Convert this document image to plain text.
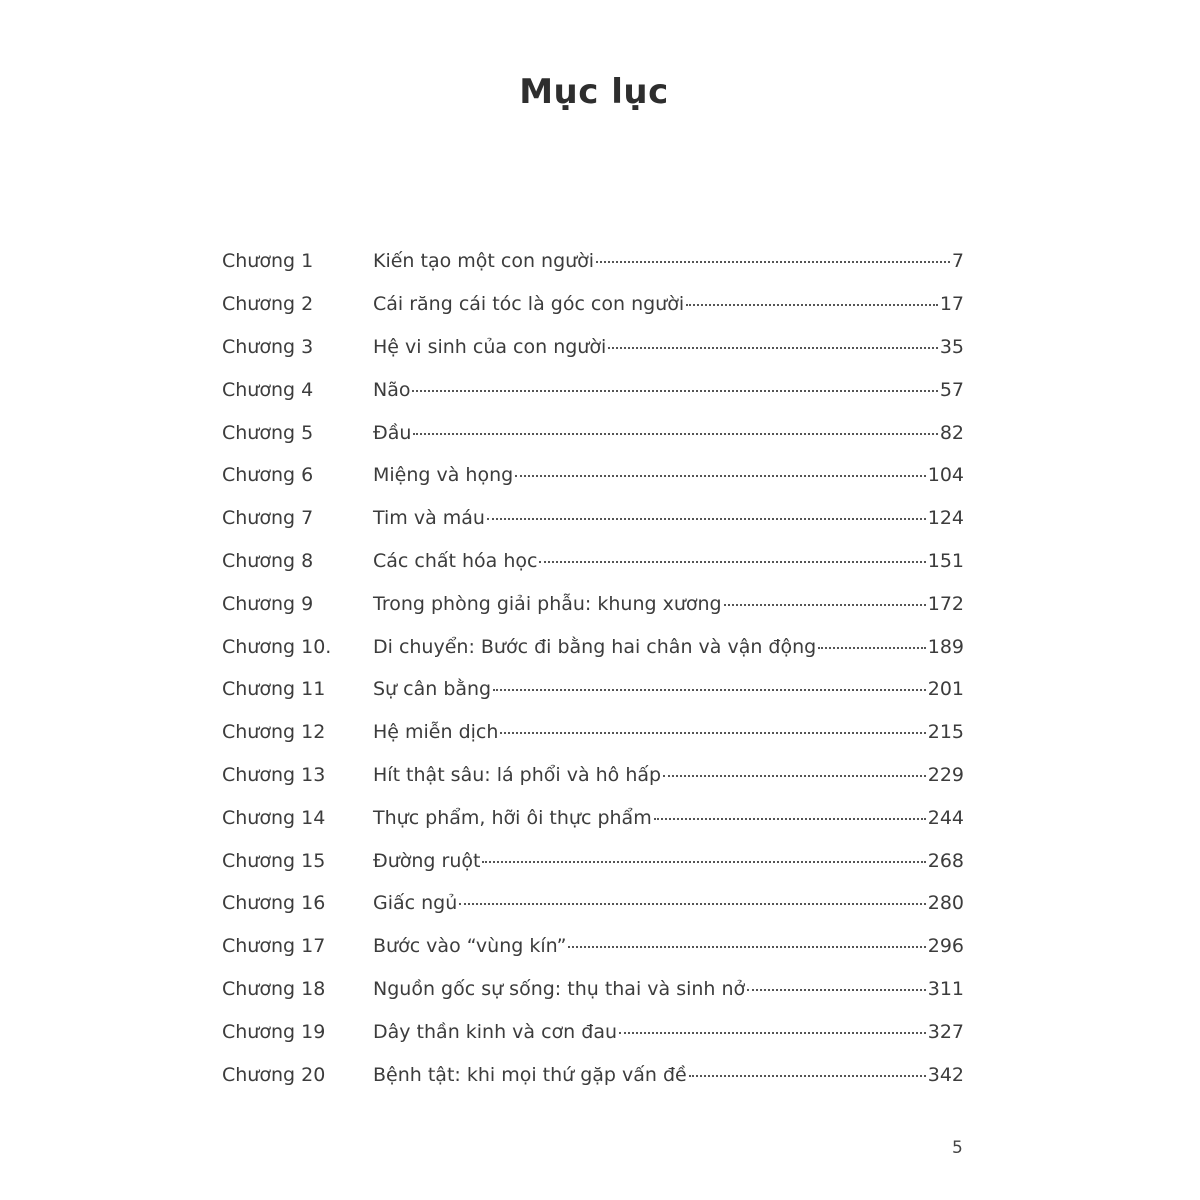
Mục lục
Chương 1	Kiến tạo một con người	7
Chương 2	Cái răng cái tóc là góc con người	17
Chương 3	Hệ vi sinh của con người	35
Chương 4	Não	57
Chương 5	Đầu	82
Chương 6	Miệng và họng	104
Chương 7	Tim và máu	124
Chương 8	Các chất hóa học	151
Chương 9	Trong phòng giải phẫu: khung xương	172
Chương 10.	Di chuyển: Bước đi bằng hai chân và vận động	189
Chương 11	Sự cân bằng	201
Chương 12	Hệ miễn dịch	215
Chương 13	Hít thật sâu: lá phổi và hô hấp	229
Chương 14	Thực phẩm, hỡi ôi thực phẩm	244
Chương 15	Đường ruột	268
Chương 16	Giấc ngủ	280
Chương 17	Bước vào “vùng kín”	296
Chương 18	Nguồn gốc sự sống: thụ thai và sinh nở	311
Chương 19	Dây thần kinh và cơn đau	327
Chương 20	Bệnh tật: khi mọi thứ gặp vấn đề	342
5
